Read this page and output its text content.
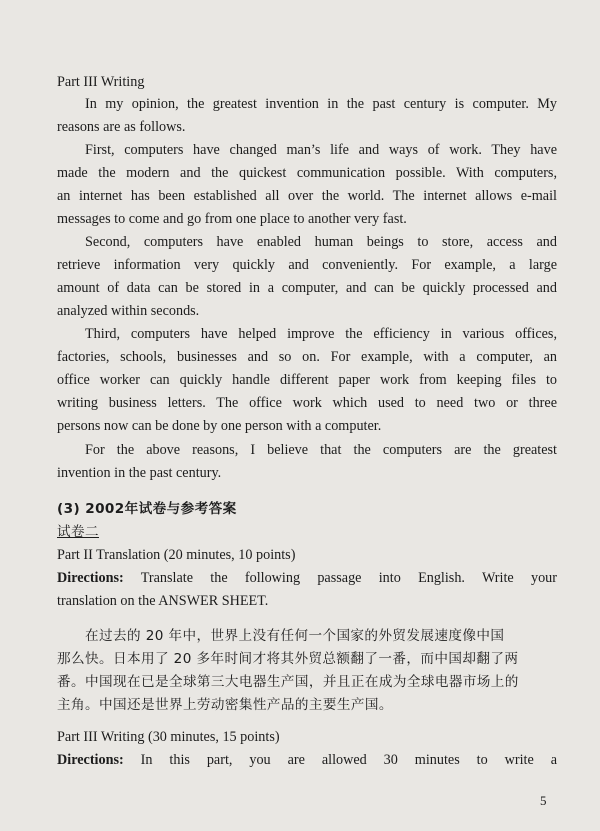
Part III Writing
In my opinion, the greatest invention in the past century is computer. My
reasons are as follows.
First, computers have changed man’s life and ways of work. They have
made the modern and the quickest communication possible. With computers,
an internet has been established all over the world. The internet allows e-mail
messages to come and go from one place to another very fast.
Second, computers have enabled human beings to store, access and
retrieve information very quickly and conveniently. For example, a large
amount of data can be stored in a computer, and can be quickly processed and
analyzed within seconds.
Third, computers have helped improve the efficiency in various offices,
factories, schools, businesses and so on. For example, with a computer, an
office worker can quickly handle different paper work from keeping files to
writing business letters. The office work which used to need two or three
persons now can be done by one person with a computer.
For the above reasons, I believe that the computers are the greatest
invention in the past century.
(3) 2002年试卷与参考答案
试卷二
Part II Translation (20 minutes, 10 points)
Directions: Translate the following passage into English. Write your
translation on the ANSWER SHEET.
在过去的 20 年中，世界上没有任何一个国家的外贸发展速度像中国
那么快。日本用了 20 多年时间才将其外贸总额翻了一番，而中国却翻了两
番。中国现在已是全球第三大电器生产国，并且正在成为全球电器市场上的
主角。中国还是世界上劳动密集性产品的主要生产国。
Part III Writing (30 minutes, 15 points)
Directions: In this part, you are allowed 30 minutes to write a
5
